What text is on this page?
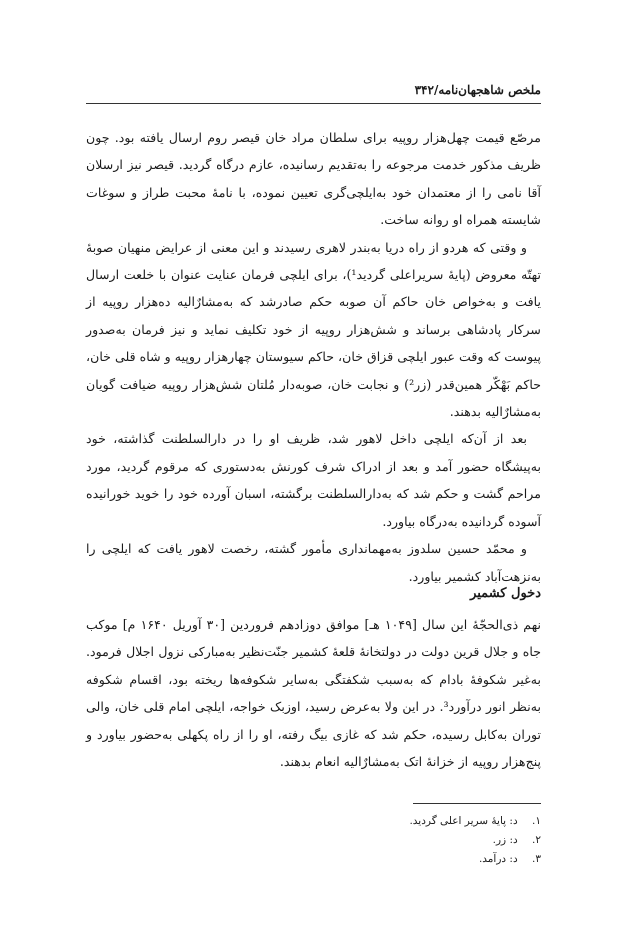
ملخص شاهجهان‌نامه/۳۴۲

مرصّع قیمت چهل‌هزار روپیه برای سلطان مراد خان قیصر روم ارسال یافته بود. چون ظریف مذکور خدمت مرجوعه را به‌تقدیم رسانیده، عازم درگاه گردید. قیصر نیز ارسلان آقا نامی را از معتمدان خود به‌ایلچی‌گری تعیین نموده، با نامهٔ محبت طراز و سوغات شایسته همراه او روانه ساخت.

و وقتی که هردو از راه دریا به‌بندر لاهری رسیدند و این معنی از عرایض منهیان صوبهٔ تهتّه معروض (پایهٔ سریراعلی گردید¹)، برای ایلچی فرمان عنایت عنوان با خلعت ارسال یافت و به‌خواص خان حاکم آن صوبه حکم صادرشد که به‌مشارٌالیه ده‌هزار روپیه از سرکار پادشاهی برساند و شش‌هزار روپیه از خود تکلیف نماید و نیز فرمان به‌صدور پیوست که وقت عبور ایلچی قزاق خان، حاکم سیوستان چهارهزار روپیه و شاه قلی خان، حاکم بَهْکّر همین‌قدر (زر²) و نجابت خان، صوبه‌دار مُلتان شش‌هزار روپیه ضیافت گویان به‌مشارٌالیه بدهند.

بعد از آن‌که ایلچی داخل لاهور شد، ظریف او را در دارالسلطنت گذاشته، خود به‌پیشگاه حضور آمد و بعد از ادراک شرف کورنش به‌دستوری که مرقوم گردید، مورد مراحم گشت و حکم شد که به‌دارالسلطنت برگشته، اسبان آورده خود را خوید خورانیده آسوده گردانیده به‌درگاه بیاورد.

و محمّد حسین سلدوز به‌مهمانداری مأمور گشته، رخصت لاهور یافت که ایلچی را به‌نزهت‌آباد کشمیر بیاورد.

دخول کشمیر

نهم ذی‌الحجّهٔ این سال [۱۰۴۹ هـ] موافق دوزادهم فروردین [۳۰ آوریل ۱۶۴۰ م] موکب جاه و جلال قرین دولت در دولتخانهٔ قلعهٔ کشمیر جنّت‌نظیر به‌مبارکی نزول اجلال فرمود. به‌غیر شکوفهٔ بادام که به‌سبب شکفتگی به‌سایر شکوفه‌ها ریخته بود، اقسام شکوفه به‌نظر انور درآورد³. در این ولا به‌عرض رسید، اوزبک خواجه، ایلچی امام قلی خان، والی توران به‌کابل رسیده، حکم شد که غازی بیگ رفته، او را از راه پکهلی به‌حضور بیاورد و پنج‌هزار روپیه از خزانهٔ اتک به‌مشارٌالیه انعام بدهند.

۱. د: پایهٔ سریر اعلی گردید.

۲. د: زر.

۳. د: درآمد.
